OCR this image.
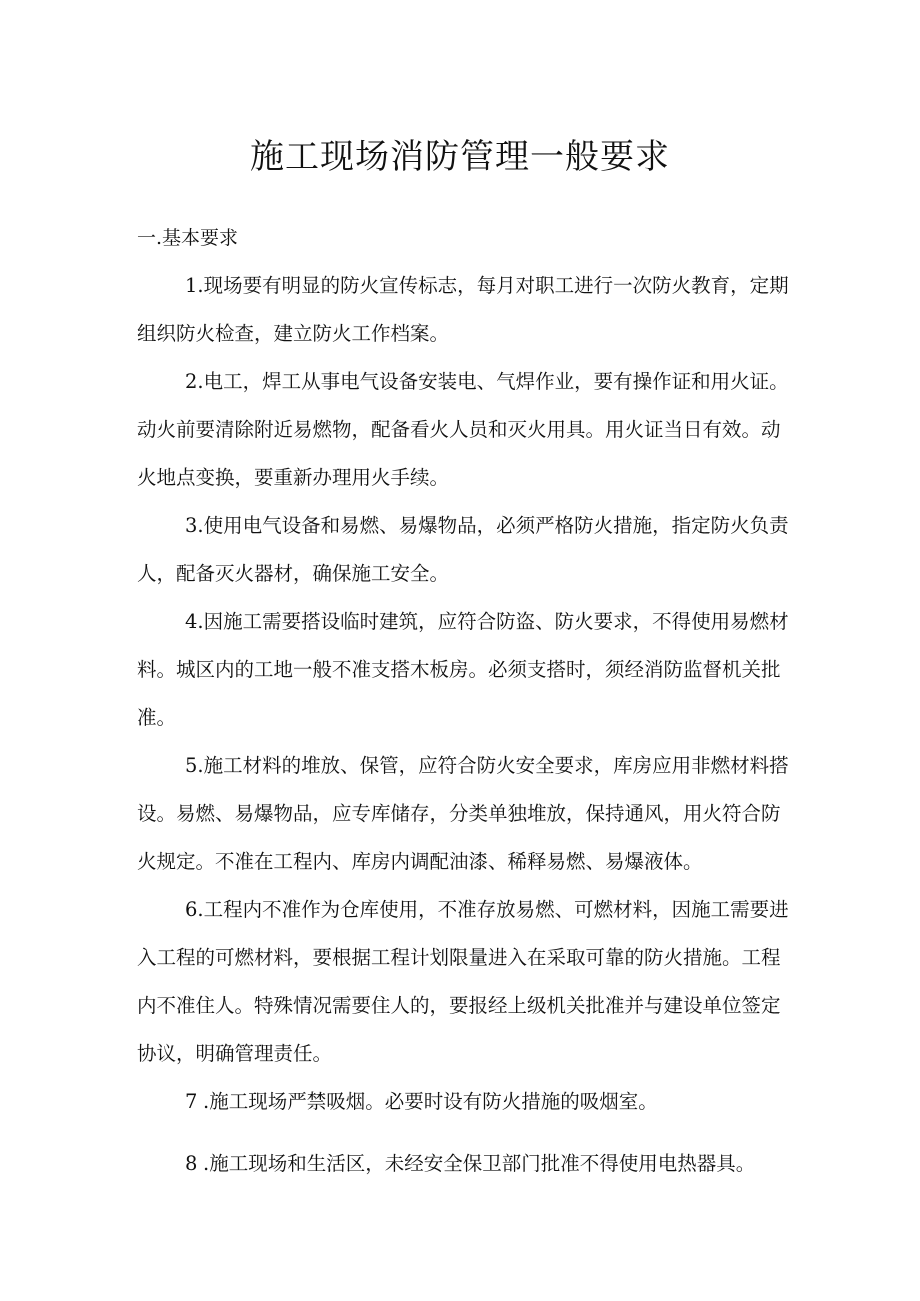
施工现场消防管理一般要求

一.基本要求

1.现场要有明显的防火宣传标志，每月对职工进行一次防火教育，定期组织防火检查，建立防火工作档案。

2.电工，焊工从事电气设备安装电、气焊作业，要有操作证和用火证。动火前要清除附近易燃物，配备看火人员和灭火用具。用火证当日有效。动火地点变换，要重新办理用火手续。

3.使用电气设备和易燃、易爆物品，必须严格防火措施，指定防火负责人，配备灭火器材，确保施工安全。

4.因施工需要搭设临时建筑，应符合防盗、防火要求，不得使用易燃材料。城区内的工地一般不准支搭木板房。必须支搭时，须经消防监督机关批准。

5.施工材料的堆放、保管，应符合防火安全要求，库房应用非燃材料搭设。易燃、易爆物品，应专库储存，分类单独堆放，保持通风，用火符合防火规定。不准在工程内、库房内调配油漆、稀释易燃、易爆液体。

6.工程内不准作为仓库使用，不准存放易燃、可燃材料，因施工需要进入工程的可燃材料，要根据工程计划限量进入在采取可靠的防火措施。工程内不准住人。特殊情况需要住人的，要报经上级机关批准并与建设单位签定协议，明确管理责任。

7 .施工现场严禁吸烟。必要时设有防火措施的吸烟室。

8 .施工现场和生活区，未经安全保卫部门批准不得使用电热器具。
